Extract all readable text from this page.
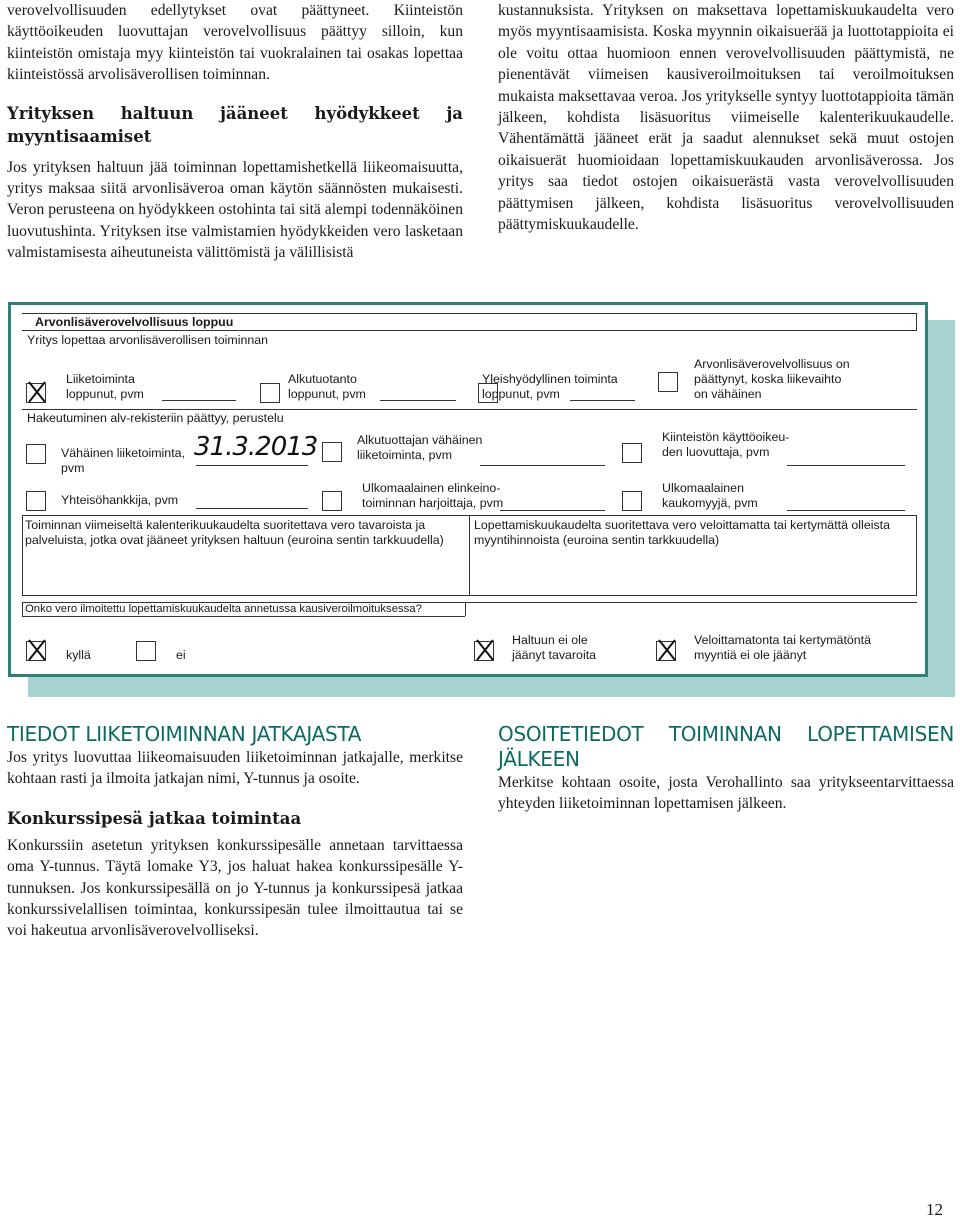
verovelvollisuuden edellytykset ovat päättyneet. Kiinteistön käyttöoikeuden luovuttajan verovelvollisuus päättyy silloin, kun kiinteistön omistaja myy kiinteistön tai vuokralainen tai osakas lopettaa kiinteistössä arvolisäverollisen toiminnan.

Yrityksen haltuun jääneet hyödykkeet ja myyntisaamiset

Jos yrityksen haltuun jää toiminnan lopettamishetkellä liikeomaisuutta, yritys maksaa siitä arvonlisäveroa oman käytön säännösten mukaisesti. Veron perusteena on hyödykkeen ostohinta tai sitä alempi todennäköinen luovutushinta. Yrityksen itse valmistamien hyödykkeiden vero lasketaan valmistamisesta aiheutuneista välittömistä ja välillisistä

kustannuksista. Yrityksen on maksettava lopettamiskuukaudelta vero myös myyntisaamisista. Koska myynnin oikaisuerää ja luottotappioita ei ole voitu ottaa huomioon ennen verovelvollisuuden päättymistä, ne pienentävät viimeisen kausiveroilmoituksen tai veroilmoituksen mukaista maksettavaa veroa. Jos yritykselle syntyy luottotappioita tämän jälkeen, kohdista lisäsuoritus viimeiselle kalenterikuukaudelle. Vähentämättä jääneet erät ja saadut alennukset sekä muut ostojen oikaisuerät huomioidaan lopettamiskuukauden arvonlisäverossa. Jos yritys saa tiedot ostojen oikaisuerästä vasta verovelvollisuuden päättymisen jälkeen, kohdista lisäsuoritus verovelvollisuuden päättymiskuukaudelle.

Arvonlisäverovelvollisuus loppuu
Yritys lopettaa arvonlisäverollisen toiminnan
Liiketoiminta
loppunut, pvm
Alkutuotanto
loppunut, pvm
Yleishyödyllinen toiminta
loppunut, pvm
Arvonlisäverovelvollisuus on
päättynyt, koska liikevaihto
on vähäinen
Hakeutuminen alv-rekisteriin päättyy, perustelu
Vähäinen liiketoiminta,
pvm
31.3.2013	Alkutuottajan vähäinen
liiketoiminta, pvm
Kiinteistön käyttöoikeu-
den luovuttaja, pvm
Yhteisöhankkija, pvm
Ulkomaalainen elinkeino-
toiminnan harjoittaja, pvm
Ulkomaalainen
kaukomyyjä, pvm
Toiminnan viimeiseltä kalenterikuukaudelta suoritettava vero tavaroista ja palveluista, jotka ovat jääneet yrityksen haltuun (euroina sentin tarkkuudella)
Lopettamiskuukaudelta suoritettava vero veloittamatta tai kertymättä olleista myyntihinnoista (euroina sentin tarkkuudella)
Onko vero ilmoitettu lopettamiskuukaudelta annetussa kausiveroilmoituksessa?
kyllä	ei
Haltuun ei ole
jäänyt tavaroita
Veloittamatonta tai kertymätöntä
myyntiä ei ole jäänyt

TIEDOT LIIKETOIMINNAN JATKAJASTA

Jos yritys luovuttaa liikeomaisuuden liiketoiminnan jatkajalle, merkitse kohtaan rasti ja ilmoita jatkajan nimi, Y-tunnus ja osoite.

Konkurssipesä jatkaa toimintaa

Konkurssiin asetetun yrityksen konkurssipesälle annetaan tarvittaessa oma Y-tunnus. Täytä lomake Y3, jos haluat hakea konkurssipesälle Y-tunnuksen. Jos konkurssipesällä on jo Y-tunnus ja konkurssipesä jatkaa konkurssivelallisen toimintaa, konkurssipesän tulee ilmoittautua tai se voi hakeutua arvonlisäverovelvolliseksi.

OSOITETIEDOT TOIMINNAN LOPETTAMISEN JÄLKEEN

Merkitse kohtaan osoite, josta Verohallinto saa yritykseentarvittaessa yhteyden liiketoiminnan lopettamisen jälkeen.

12
